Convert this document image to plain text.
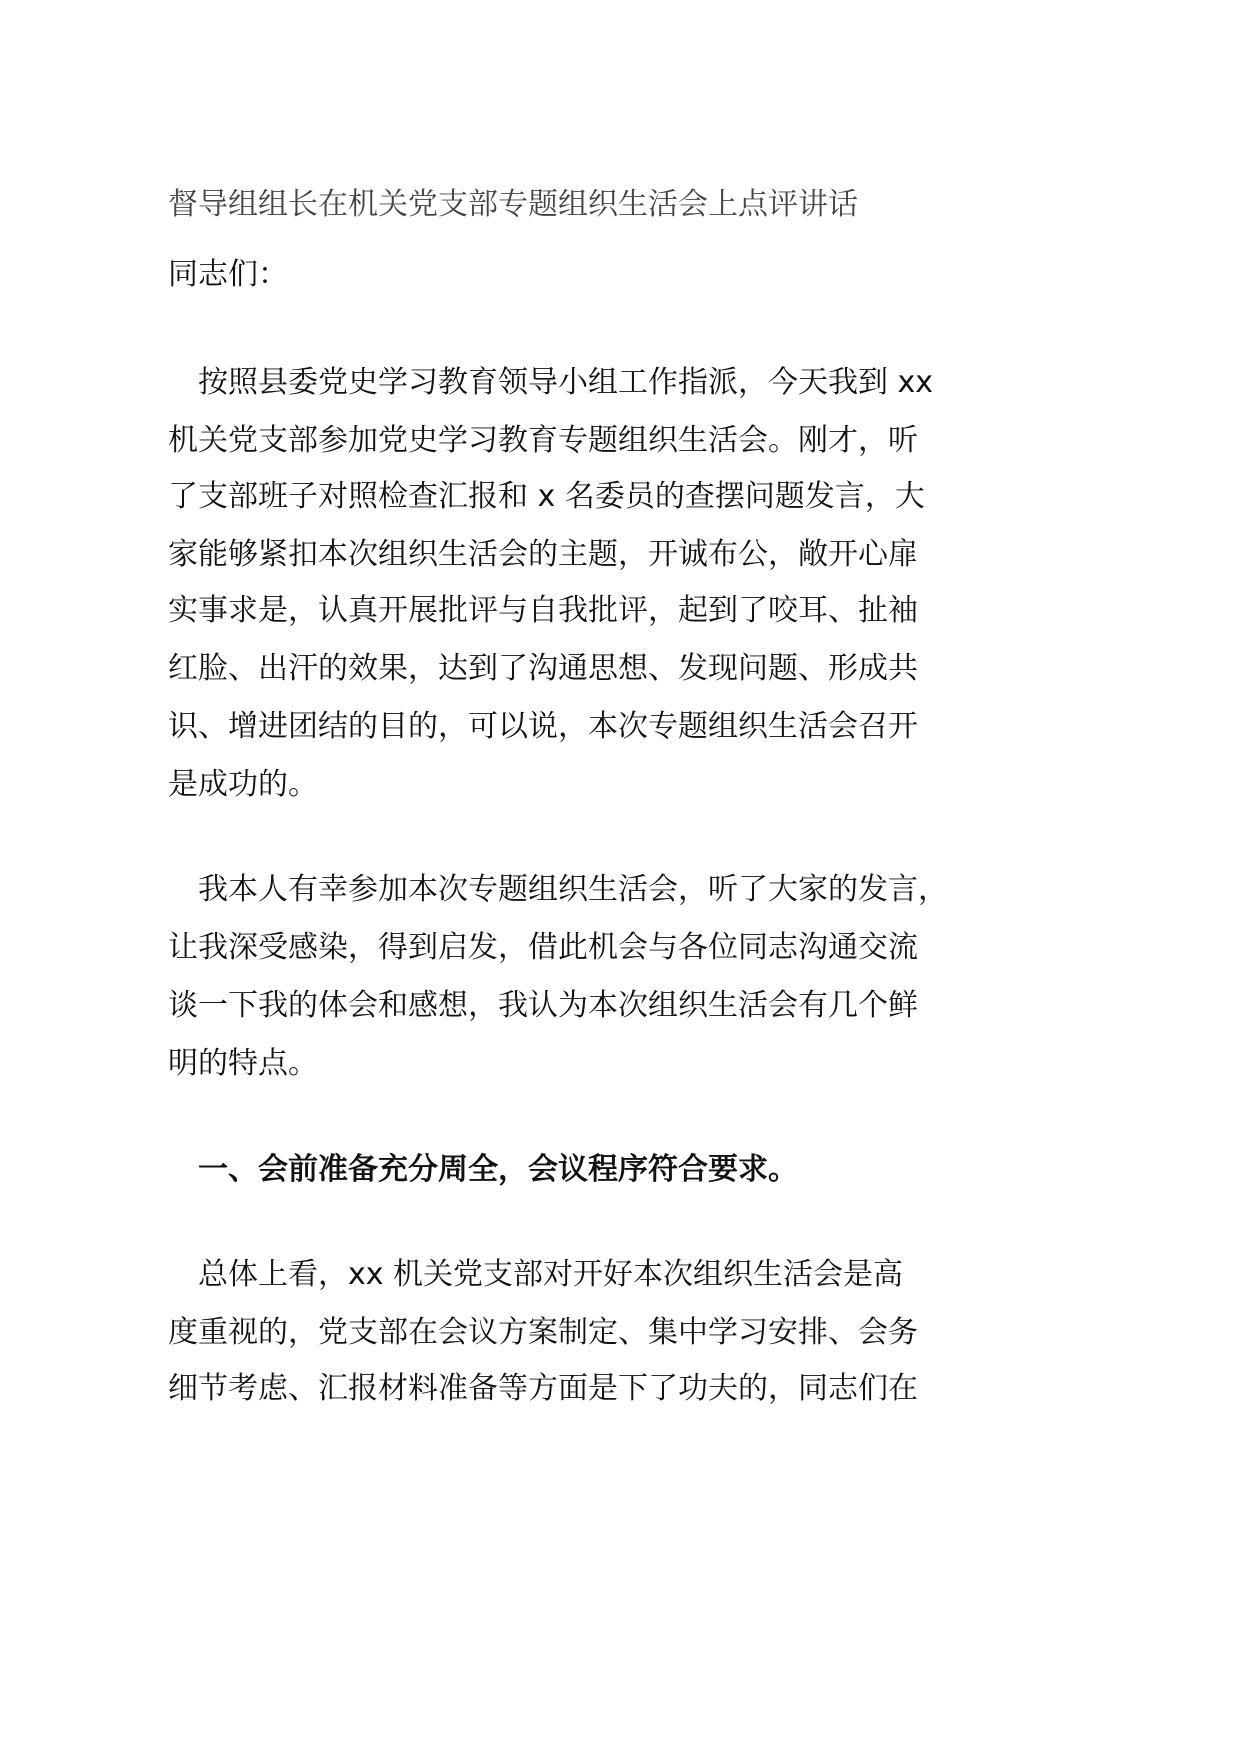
督导组组长在机关党支部专题组织生活会上点评讲话
同志们：
　按照县委党史学习教育领导小组工作指派，今天我到 xx
机关党支部参加党史学习教育专题组织生活会。刚才，听
了支部班子对照检查汇报和 x 名委员的查摆问题发言，大
家能够紧扣本次组织生活会的主题，开诚布公，敞开心扉
实事求是，认真开展批评与自我批评，起到了咬耳、扯袖
红脸、出汗的效果，达到了沟通思想、发现问题、形成共
识、增进团结的目的，可以说，本次专题组织生活会召开
是成功的。
　我本人有幸参加本次专题组织生活会，听了大家的发言，
让我深受感染，得到启发，借此机会与各位同志沟通交流
谈一下我的体会和感想，我认为本次组织生活会有几个鲜
明的特点。
　一、会前准备充分周全，会议程序符合要求。
　总体上看，xx 机关党支部对开好本次组织生活会是高
度重视的，党支部在会议方案制定、集中学习安排、会务
细节考虑、汇报材料准备等方面是下了功夫的，同志们在
